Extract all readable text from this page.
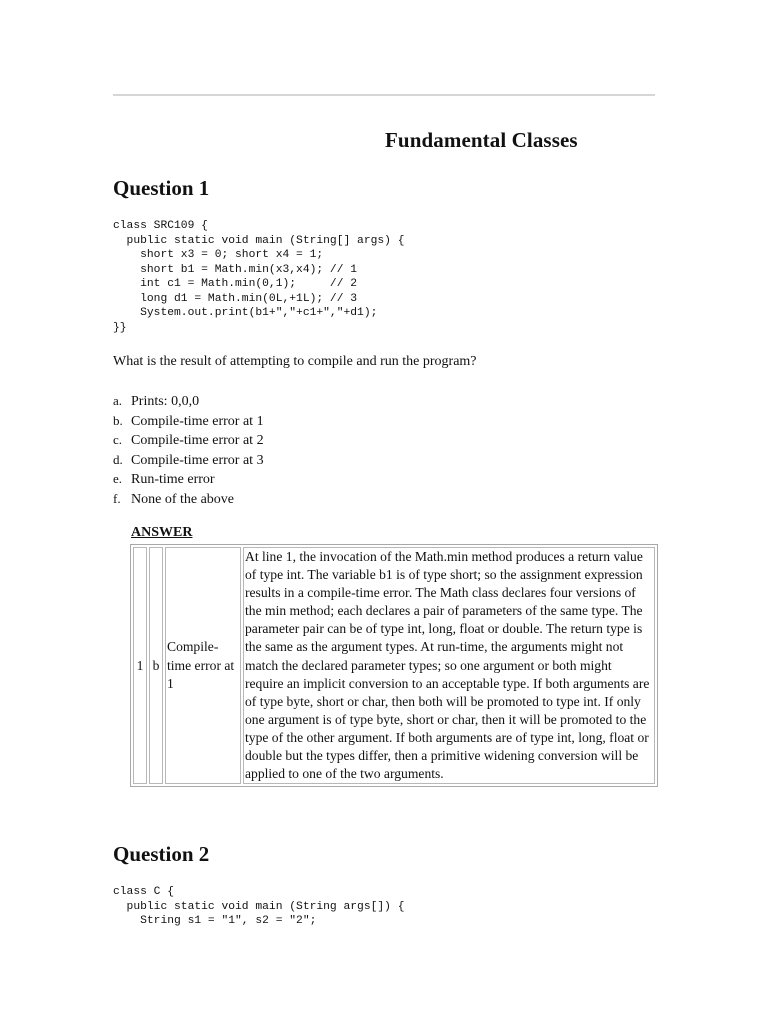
Fundamental Classes
Question 1
class SRC109 {
public static void main (String[] args) {
short x3 = 0; short x4 = 1;
short b1 = Math.min(x3,x4); // 1
int c1 = Math.min(0,1);     // 2
long d1 = Math.min(0L,+1L); // 3
System.out.print(b1+","+c1+","+d1);
}}
What is the result of attempting to compile and run the program?
a. Prints: 0,0,0
b. Compile-time error at 1
c. Compile-time error at 2
d. Compile-time error at 3
e. Run-time error
f. None of the above
ANSWER
1	b	Compile-time error at 1	At line 1, the invocation of the Math.min method produces a return value of type int. The variable b1 is of type short; so the assignment expression results in a compile-time error. The Math class declares four versions of the min method; each declares a pair of parameters of the same type. The parameter pair can be of type int, long, float or double. The return type is the same as the argument types. At run-time, the arguments might not match the declared parameter types; so one argument or both might require an implicit conversion to an acceptable type. If both arguments are of type byte, short or char, then both will be promoted to type int. If only one argument is of type byte, short or char, then it will be promoted to the type of the other argument. If both arguments are of type int, long, float or double but the types differ, then a primitive widening conversion will be applied to one of the two arguments.
Question 2
class C {
public static void main (String args[]) {
String s1 = "1", s2 = "2";
